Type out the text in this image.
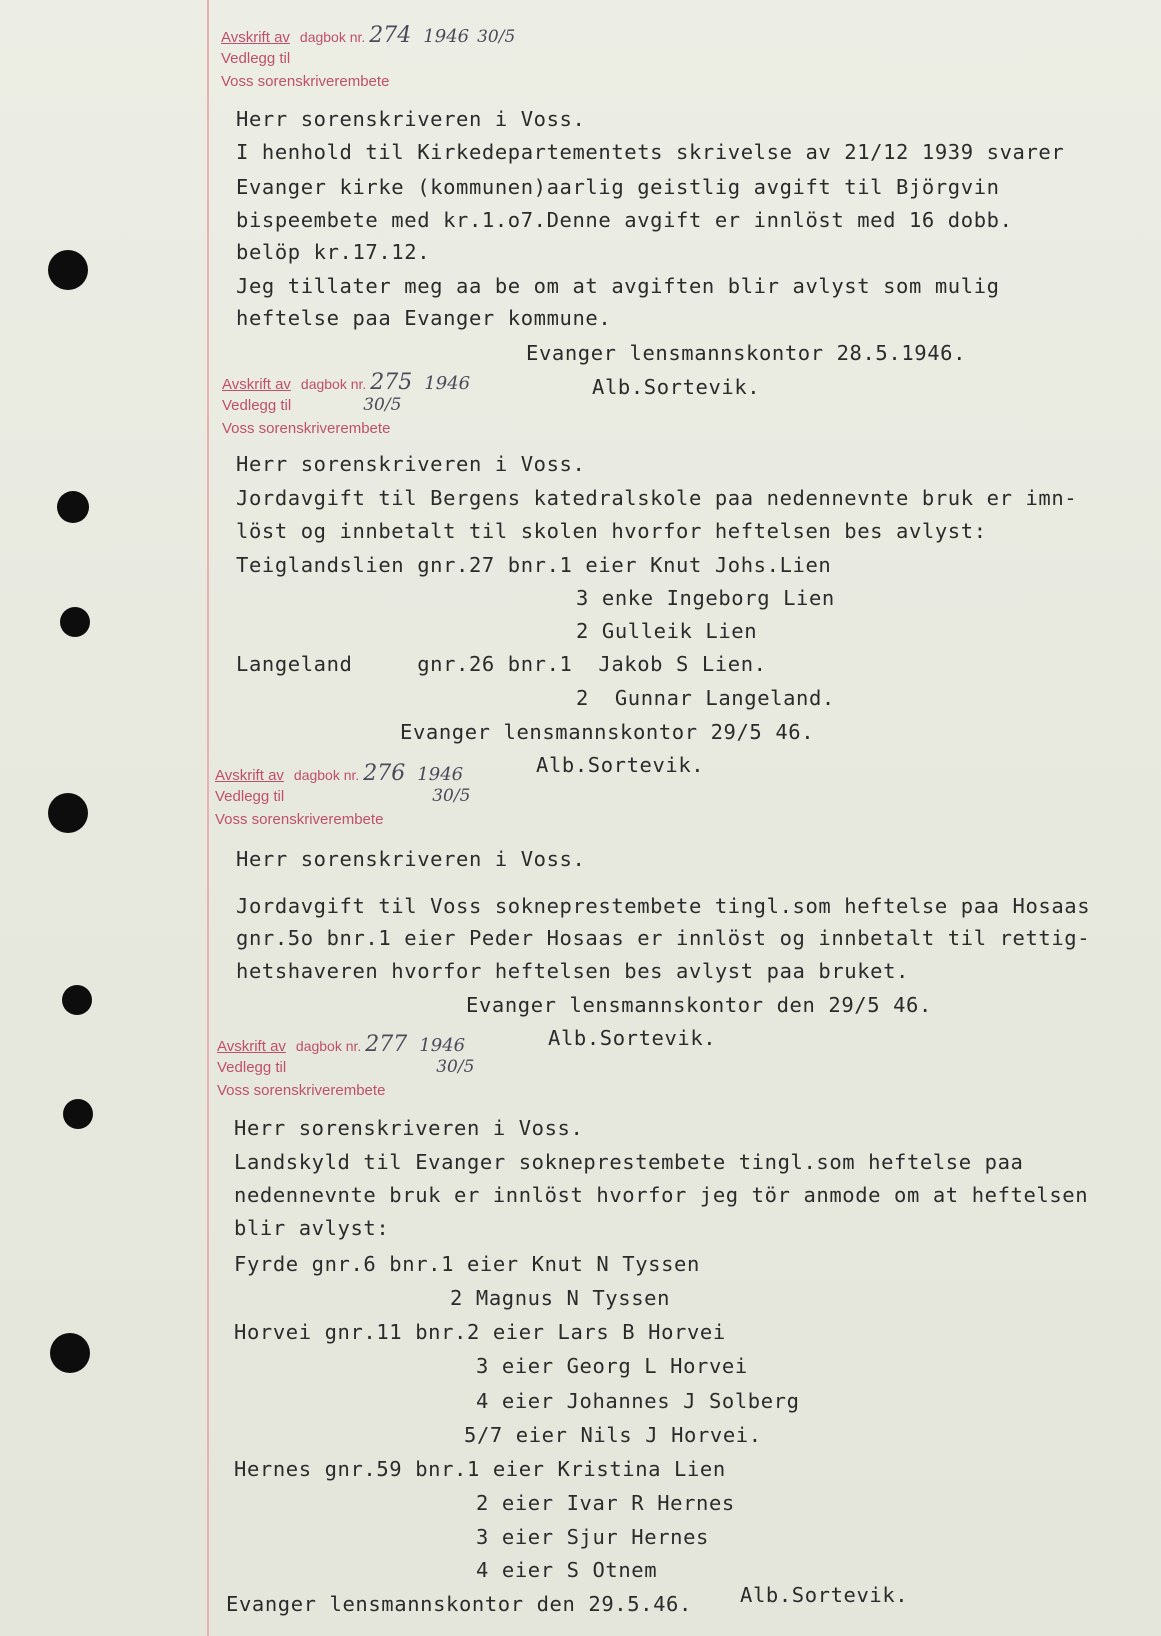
Avskrift av dagbok nr. 274 1946 30/5
Vedlegg til
Voss sorenskriverembete
Herr sorenskriveren i Voss.
I henhold til Kirkedepartementets skrivelse av 21/12 1939 svarer
Evanger kirke (kommunen)aarlig geistlig avgift til Björgvin
bispeembete med kr.1.o7.Denne avgift er innlöst med 16 dobb.
belöp kr.17.12.
Jeg tillater meg aa be om at avgiften blir avlyst som mulig
heftelse paa Evanger kommune.
Evanger lensmannskontor 28.5.1946.
Alb.Sortevik.
Avskrift av dagbok nr. 275 1946
Vedlegg til	30/5
Voss sorenskriverembete
Herr sorenskriveren i Voss.
Jordavgift til Bergens katedralskole paa nedennevnte bruk er imn-
löst og innbetalt til skolen hvorfor heftelsen bes avlyst:
Teiglandslien gnr.27 bnr.1 eier Knut Johs.Lien
3 enke Ingeborg Lien
2 Gulleik Lien
Langeland     gnr.26 bnr.1  Jakob S Lien.
2  Gunnar Langeland.
Evanger lensmannskontor 29/5 46.
Alb.Sortevik.
Avskrift av dagbok nr. 276 1946
Vedlegg til	30/5
Voss sorenskriverembete
Herr sorenskriveren i Voss.
Jordavgift til Voss sokneprestembete tingl.som heftelse paa Hosaas
gnr.5o bnr.1 eier Peder Hosaas er innlöst og innbetalt til rettig-
hetshaveren hvorfor heftelsen bes avlyst paa bruket.
Evanger lensmannskontor den 29/5 46.
Alb.Sortevik.
Avskrift av dagbok nr. 277 1946
Vedlegg til	30/5
Voss sorenskriverembete
Herr sorenskriveren i Voss.
Landskyld til Evanger sokneprestembete tingl.som heftelse paa
nedennevnte bruk er innlöst hvorfor jeg tör anmode om at heftelsen
blir avlyst:
Fyrde gnr.6 bnr.1 eier Knut N Tyssen
2 Magnus N Tyssen
Horvei gnr.11 bnr.2 eier Lars B Horvei
3 eier Georg L Horvei
4 eier Johannes J Solberg
5/7 eier Nils J Horvei.
Hernes gnr.59 bnr.1 eier Kristina Lien
2 eier Ivar R Hernes
3 eier Sjur Hernes
4 eier S Otnem
Evanger lensmannskontor den 29.5.46. Alb.Sortevik.
